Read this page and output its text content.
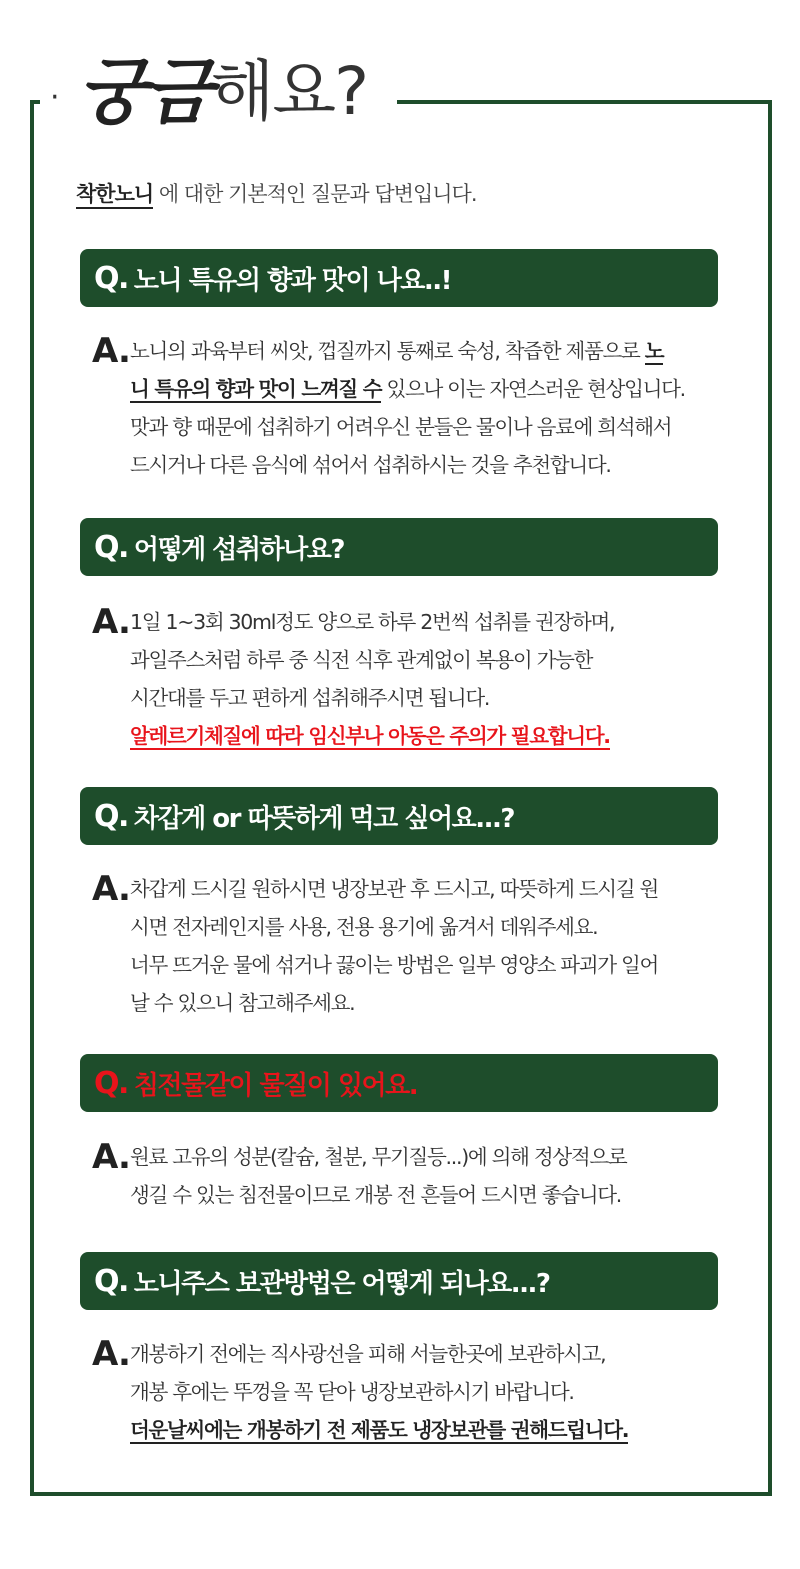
· 궁금 해요?
착한노니 에 대한 기본적인 질문과 답변입니다.
Q. 노니 특유의 향과 맛이 나요..!
A. 노니의 과육부터 씨앗, 껍질까지 통째로 숙성, 착즙한 제품으로 노
니 특유의 향과 맛이 느껴질 수 있으나 이는 자연스러운 현상입니다.
맛과 향 때문에 섭취하기 어려우신 분들은 물이나 음료에 희석해서
드시거나 다른 음식에 섞어서 섭취하시는 것을 추천합니다.
Q. 어떻게 섭취하나요?
A. 1일 1~3회 30ml정도 양으로 하루 2번씩 섭취를 권장하며,
과일주스처럼 하루 중 식전 식후 관계없이 복용이 가능한
시간대를 두고 편하게 섭취해주시면 됩니다.
알레르기체질에 따라 임신부나 아동은 주의가 필요합니다.
Q. 차갑게 or 따뜻하게 먹고 싶어요...?
A. 차갑게 드시길 원하시면 냉장보관 후 드시고, 따뜻하게 드시길 원
시면 전자레인지를 사용, 전용 용기에 옮겨서 데워주세요.
너무 뜨거운 물에 섞거나 끓이는 방법은 일부 영양소 파괴가 일어
날 수 있으니 참고해주세요.
Q. 침전물같이 물질이 있어요.
A. 원료 고유의 성분(칼슘, 철분, 무기질등...)에 의해 정상적으로
생길 수 있는 침전물이므로 개봉 전 흔들어 드시면 좋습니다.
Q. 노니주스 보관방법은 어떻게 되나요...?
A. 개봉하기 전에는 직사광선을 피해 서늘한곳에 보관하시고,
개봉 후에는 뚜껑을 꼭 닫아 냉장보관하시기 바랍니다.
더운날씨에는 개봉하기 전 제품도 냉장보관를 권해드립니다.
